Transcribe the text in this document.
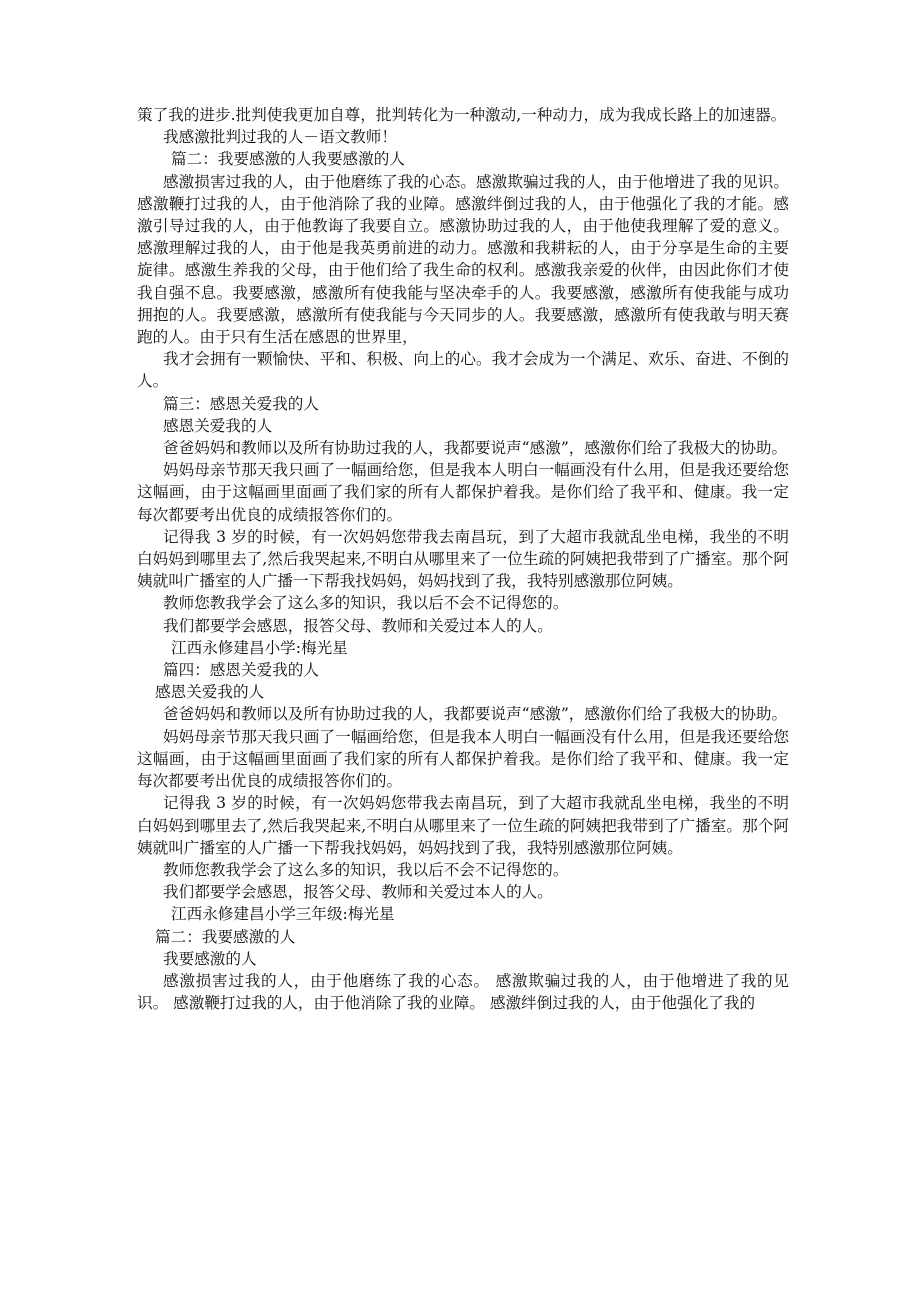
策了我的进步.批判使我更加自尊，批判转化为一种激动,一种动力，成为我成长路上的加速器。

我感激批判过我的人－语文教师！

篇二：我要感激的人我要感激的人

感激损害过我的人，由于他磨练了我的心态。感激欺骗过我的人，由于他增进了我的见识。感激鞭打过我的人，由于他消除了我的业障。感激绊倒过我的人，由于他强化了我的才能。感激引导过我的人，由于他教诲了我要自立。感激协助过我的人，由于他使我理解了爱的意义。感激理解过我的人，由于他是我英勇前进的动力。感激和我耕耘的人，由于分享是生命的主要旋律。感激生养我的父母，由于他们给了我生命的权利。感激我亲爱的伙伴，由因此你们才使我自强不息。我要感激，感激所有使我能与坚决牵手的人。我要感激，感激所有使我能与成功拥抱的人。我要感激，感激所有使我能与今天同步的人。我要感激，感激所有使我敢与明天赛跑的人。由于只有生活在感恩的世界里，

我才会拥有一颗愉快、平和、积极、向上的心。我才会成为一个满足、欢乐、奋进、不倒的人。

篇三：感恩关爱我的人

感恩关爱我的人

爸爸妈妈和教师以及所有协助过我的人，我都要说声“感激”，感激你们给了我极大的协助。

妈妈母亲节那天我只画了一幅画给您，但是我本人明白一幅画没有什么用，但是我还要给您这幅画，由于这幅画里面画了我们家的所有人都保护着我。是你们给了我平和、健康。我一定每次都要考出优良的成绩报答你们的。

记得我 3 岁的时候，有一次妈妈您带我去南昌玩，到了大超市我就乱坐电梯，我坐的不明白妈妈到哪里去了,然后我哭起来,不明白从哪里来了一位生疏的阿姨把我带到了广播室。那个阿姨就叫广播室的人广播一下帮我找妈妈，妈妈找到了我，我特别感激那位阿姨。

教师您教我学会了这么多的知识，我以后不会不记得您的。

我们都要学会感恩，报答父母、教师和关爱过本人的人。

江西永修建昌小学:梅光星

篇四：感恩关爱我的人

感恩关爱我的人

爸爸妈妈和教师以及所有协助过我的人，我都要说声“感激”，感激你们给了我极大的协助。

妈妈母亲节那天我只画了一幅画给您，但是我本人明白一幅画没有什么用，但是我还要给您这幅画，由于这幅画里面画了我们家的所有人都保护着我。是你们给了我平和、健康。我一定每次都要考出优良的成绩报答你们的。

记得我 3 岁的时候，有一次妈妈您带我去南昌玩，到了大超市我就乱坐电梯，我坐的不明白妈妈到哪里去了,然后我哭起来,不明白从哪里来了一位生疏的阿姨把我带到了广播室。那个阿姨就叫广播室的人广播一下帮我找妈妈，妈妈找到了我，我特别感激那位阿姨。

教师您教我学会了这么多的知识，我以后不会不记得您的。

我们都要学会感恩，报答父母、教师和关爱过本人的人。

江西永修建昌小学三年级:梅光星

篇二：我要感激的人

我要感激的人

感激损害过我的人，由于他磨练了我的心态。 感激欺骗过我的人，由于他增进了我的见识。 感激鞭打过我的人，由于他消除了我的业障。 感激绊倒过我的人，由于他强化了我的
